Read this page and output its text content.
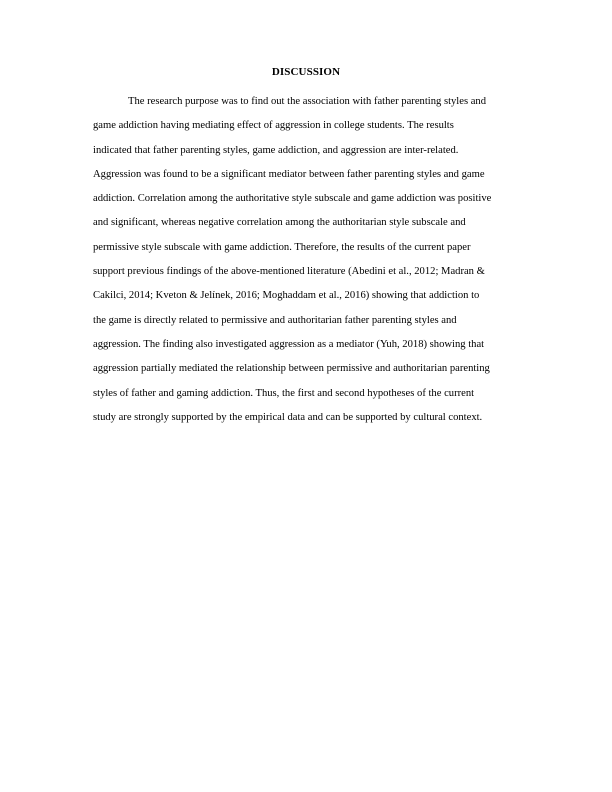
DISCUSSION
The research purpose was to find out the association with father parenting styles and
game addiction having mediating effect of aggression in college students. The results
indicated that father parenting styles, game addiction, and aggression are inter-related.
Aggression was found to be a significant mediator between father parenting styles and game
addiction. Correlation among the authoritative style subscale and game addiction was positive
and significant, whereas negative correlation among the authoritarian style subscale and
permissive style subscale with game addiction. Therefore, the results of the current paper
support previous findings of the above-mentioned literature (Abedini et al., 2012; Madran &
Cakilci, 2014; Kveton & Jelínek, 2016; Moghaddam et al., 2016) showing that addiction to
the game is directly related to permissive and authoritarian father parenting styles and
aggression. The finding also investigated aggression as a mediator (Yuh, 2018) showing that
aggression partially mediated the relationship between permissive and authoritarian parenting
styles of father and gaming addiction. Thus, the first and second hypotheses of the current
study are strongly supported by the empirical data and can be supported by cultural context.
